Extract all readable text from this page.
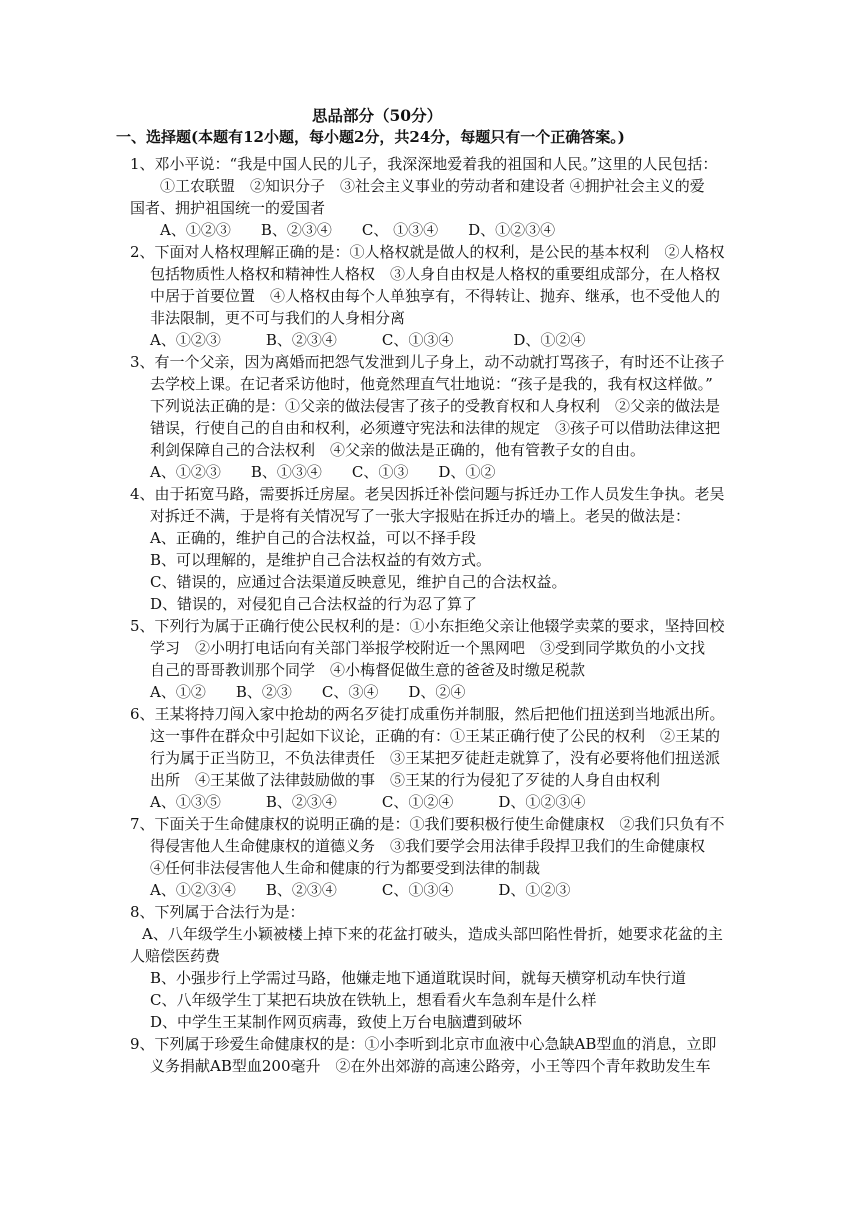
思品部分（50分）
一、选择题(本题有12小题，每小题2分，共24分，每题只有一个正确答案。)
1、邓小平说：“我是中国人民的儿子，我深深地爱着我的祖国和人民。”这里的人民包括：
①工农联盟　②知识分子　③社会主义事业的劳动者和建设者 ④拥护社会主义的爱
国者、拥护祖国统一的爱国者
A、①②③　　B、②③④　　C、 ①③④　　D、①②③④
2、下面对人格权理解正确的是：①人格权就是做人的权利，是公民的基本权利　②人格权
包括物质性人格权和精神性人格权　③人身自由权是人格权的重要组成部分，在人格权
中居于首要位置　④人格权由每个人单独享有，不得转让、抛弃、继承，也不受他人的
非法限制，更不可与我们的人身相分离
A、①②③　　　B、②③④　　　C、①③④　　　　D、①②④
3、有一个父亲，因为离婚而把怨气发泄到儿子身上，动不动就打骂孩子，有时还不让孩子
去学校上课。在记者采访他时，他竟然理直气壮地说：“孩子是我的，我有权这样做。”
下列说法正确的是：①父亲的做法侵害了孩子的受教育权和人身权利　②父亲的做法是
错误，行使自己的自由和权利，必须遵守宪法和法律的规定　③孩子可以借助法律这把
利剑保障自己的合法权利　④父亲的做法是正确的，他有管教子女的自由。
A、①②③　　B、①③④　　C、①③　　D、①②
4、由于拓宽马路，需要拆迁房屋。老吴因拆迁补偿问题与拆迁办工作人员发生争执。老吴
对拆迁不满，于是将有关情况写了一张大字报贴在拆迁办的墙上。老吴的做法是：
A、正确的，维护自己的合法权益，可以不择手段
B、可以理解的，是维护自己合法权益的有效方式。
C、错误的，应通过合法渠道反映意见，维护自己的合法权益。
D、错误的，对侵犯自己合法权益的行为忍了算了
5、下列行为属于正确行使公民权利的是：①小东拒绝父亲让他辍学卖菜的要求，坚持回校
学习　②小明打电话向有关部门举报学校附近一个黑网吧　③受到同学欺负的小文找
自己的哥哥教训那个同学　④小梅督促做生意的爸爸及时缴足税款
A、①②　　B、②③　　C、③④　　D、②④
6、王某将持刀闯入家中抢劫的两名歹徒打成重伤并制服，然后把他们扭送到当地派出所。
这一事件在群众中引起如下议论，正确的有：①王某正确行使了公民的权利　②王某的
行为属于正当防卫，不负法律责任　③王某把歹徒赶走就算了，没有必要将他们扭送派
出所　④王某做了法律鼓励做的事　⑤王某的行为侵犯了歹徒的人身自由权利
A、①③⑤　　　B、②③④　　　C、①②④　　　D、①②③④
7、下面关于生命健康权的说明正确的是：①我们要积极行使生命健康权　②我们只负有不
得侵害他人生命健康权的道德义务　③我们要学会用法律手段捍卫我们的生命健康权
④任何非法侵害他人生命和健康的行为都要受到法律的制裁
A、①②③④　　B、②③④　　　C、①③④　　　D、①②③
8、下列属于合法行为是：
A、八年级学生小颖被楼上掉下来的花盆打破头，造成头部凹陷性骨折，她要求花盆的主
人赔偿医药费
B、小强步行上学需过马路，他嫌走地下通道耽误时间，就每天横穿机动车快行道
C、八年级学生丁某把石块放在铁轨上，想看看火车急刹车是什么样
D、中学生王某制作网页病毒，致使上万台电脑遭到破坏
9、下列属于珍爱生命健康权的是：①小李听到北京市血液中心急缺AB型血的消息，立即
义务捐献AB型血200毫升　②在外出郊游的高速公路旁，小王等四个青年救助发生车
